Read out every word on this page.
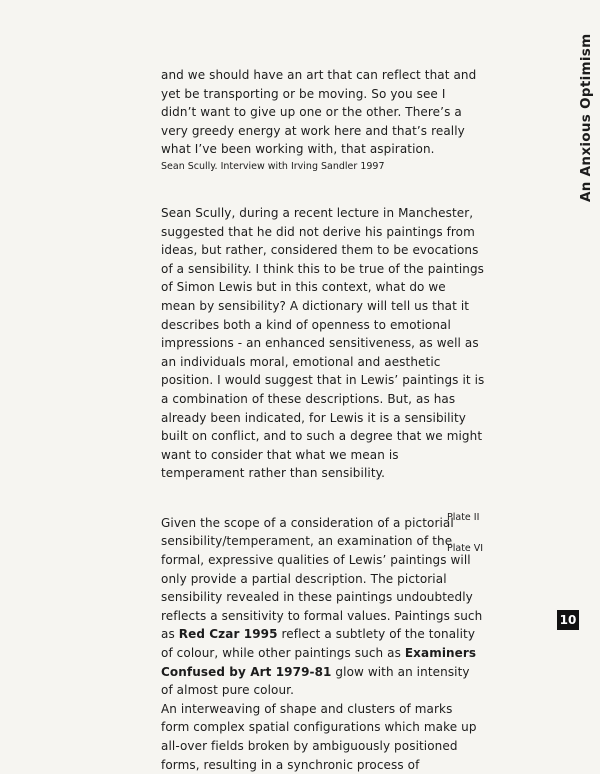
An Anxious Optimism
and we should have an art that can reflect that and
yet be transporting or be moving. So you see I
didn’t want to give up one or the other. There’s a
very greedy energy at work here and that’s really
what I’ve been working with, that aspiration.
Sean Scully. Interview with Irving Sandler 1997
Sean Scully, during a recent lecture in Manchester,
suggested that he did not derive his paintings from
ideas, but rather, considered them to be evocations
of a sensibility. I think this to be true of the paintings
of Simon Lewis but in this context, what do we
mean by sensibility? A dictionary will tell us that it
describes both a kind of openness to emotional
impressions - an enhanced sensitiveness, as well as
an individuals moral, emotional and aesthetic
position. I would suggest that in Lewis’ paintings it is
a combination of these descriptions. But, as has
already been indicated, for Lewis it is a sensibility
built on conflict, and to such a degree that we might
want to consider that what we mean is
temperament rather than sensibility.
Given the scope of a consideration of a pictorial
sensibility/temperament, an examination of the
formal, expressive qualities of Lewis’ paintings will
only provide a partial description. The pictorial
sensibility revealed in these paintings undoubtedly
reflects a sensitivity to formal values. Paintings such
as Red Czar 1995 reflect a subtlety of the tonality
of colour, while other paintings such as Examiners
Confused by Art 1979-81 glow with an intensity
of almost pure colour.
An interweaving of shape and clusters of marks
form complex spatial configurations which make up
all-over fields broken by ambiguously positioned
forms, resulting in a synchronic process of
Plate II
Plate VI
10
